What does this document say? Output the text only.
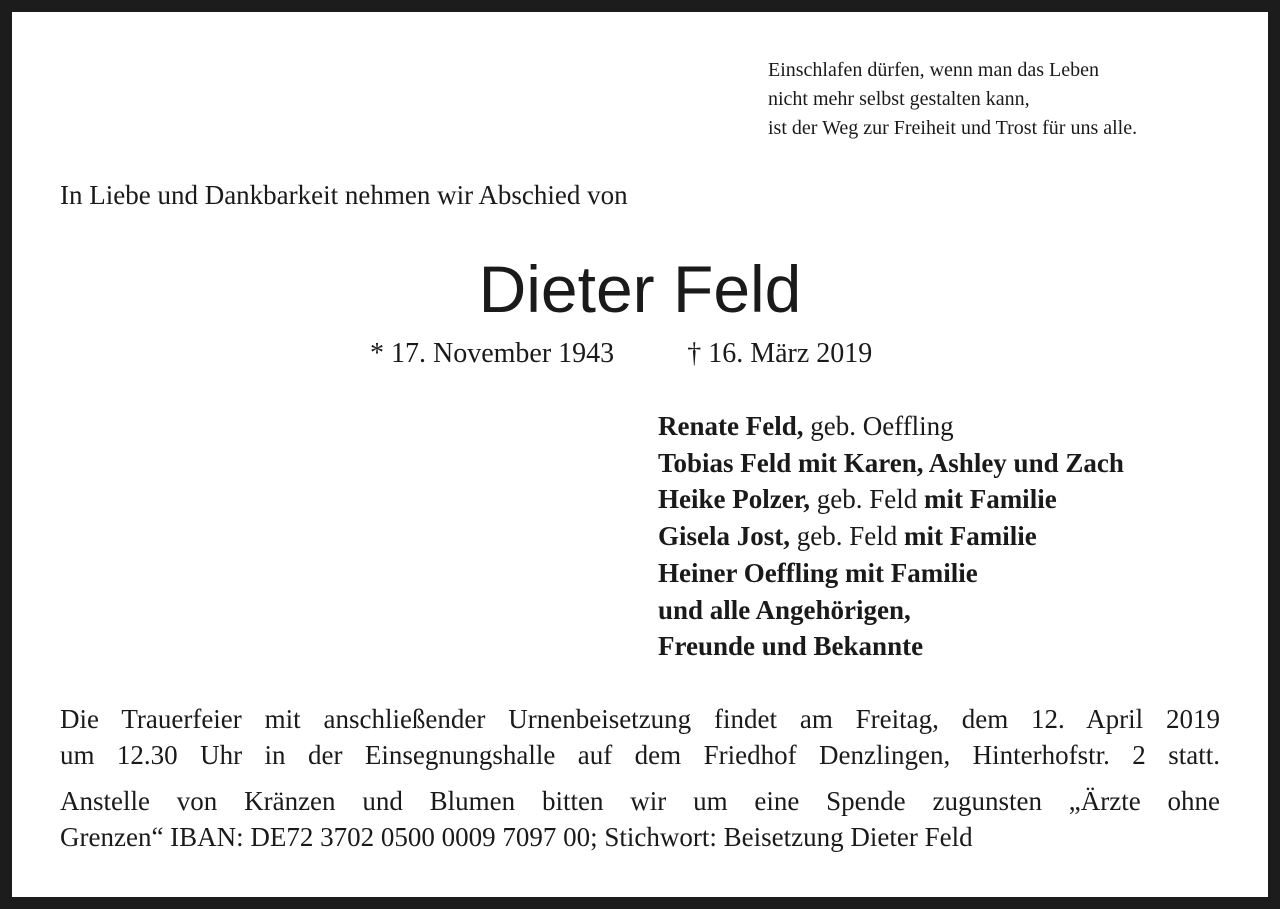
Einschlafen dürfen, wenn man das Leben
nicht mehr selbst gestalten kann,
ist der Weg zur Freiheit und Trost für uns alle.
In Liebe und Dankbarkeit nehmen wir Abschied von
Dieter Feld
* 17. November 1943	† 16. März 2019
Renate Feld, geb. Oeffling
Tobias Feld mit Karen, Ashley und Zach
Heike Polzer, geb. Feld mit Familie
Gisela Jost, geb. Feld mit Familie
Heiner Oeffling mit Familie
und alle Angehörigen,
Freunde und Bekannte
Die Trauerfeier mit anschließender Urnenbeisetzung findet am Freitag, dem 12. April 2019
um 12.30 Uhr in der Einsegnungshalle auf dem Friedhof Denzlingen, Hinterhofstr. 2 statt.
Anstelle von Kränzen und Blumen bitten wir um eine Spende zugunsten „Ärzte ohne
Grenzen“ IBAN: DE72 3702 0500 0009 7097 00; Stichwort: Beisetzung Dieter Feld
